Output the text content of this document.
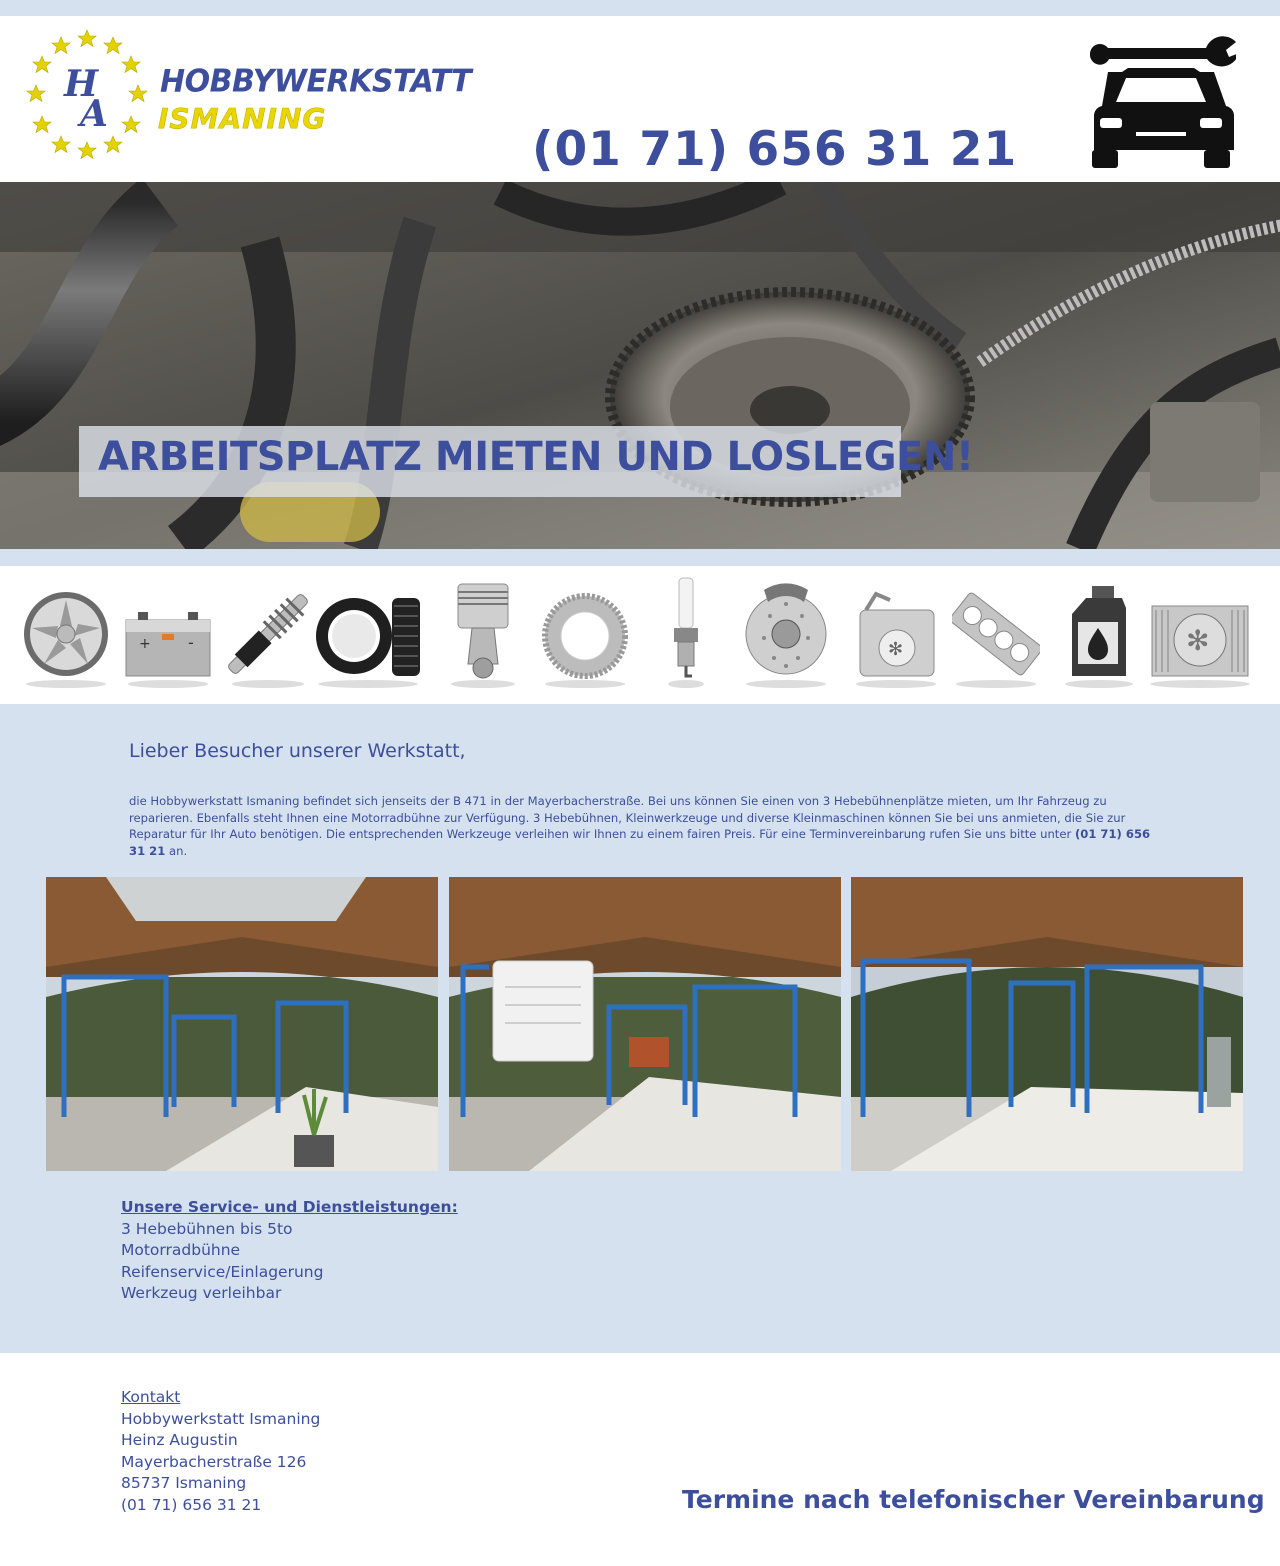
H
A
HOBBYWERKSTATT
ISMANING
(01 71) 656 31 21
ARBEITSPLATZ MIETEN UND LOSLEGEN!
+ -	✻	✻
Lieber Besucher unserer Werkstatt,
die Hobbywerkstatt Ismaning befindet sich jenseits der B 471 in der Mayerbacherstraße. Bei uns können Sie einen von 3 Hebebühnenplätze mieten, um Ihr Fahrzeug zu reparieren. Ebenfalls steht Ihnen eine Motorradbühne zur Verfügung. 3 Hebebühnen, Kleinwerkzeuge und diverse Kleinmaschinen können Sie bei uns anmieten, die Sie zur Reparatur für Ihr Auto benötigen. Die entsprechenden Werkzeuge verleihen wir Ihnen zu einem fairen Preis. Für eine Terminvereinbarung rufen Sie uns bitte unter (01 71) 656 31 21 an.
Unsere Service- und Dienstleistungen:
3 Hebebühnen bis 5to
Motorradbühne
Reifenservice/Einlagerung
Werkzeug verleihbar
Kontakt
Hobbywerkstatt Ismaning
Heinz Augustin
Mayerbacherstraße 126
85737 Ismaning
(01 71) 656 31 21	Termine nach telefonischer Vereinbarung
